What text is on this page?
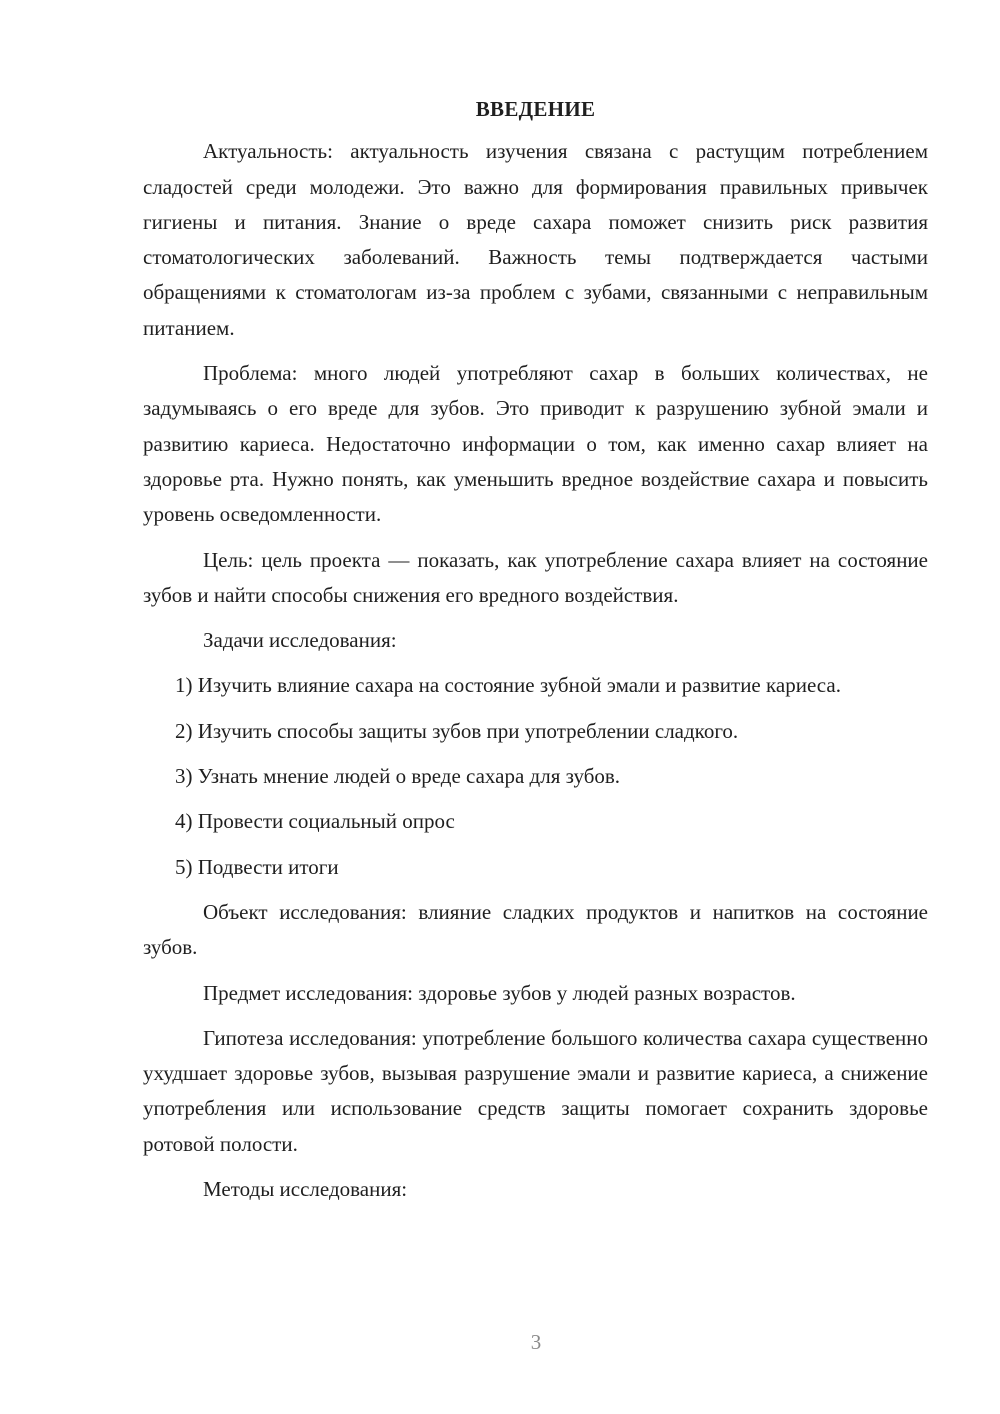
ВВЕДЕНИЕ

Актуальность: актуальность изучения связана с растущим потреблением сладостей среди молодежи. Это важно для формирования правильных привычек гигиены и питания. Знание о вреде сахара поможет снизить риск развития стоматологических заболеваний. Важность темы подтверждается частыми обращениями к стоматологам из-за проблем с зубами, связанными с неправильным питанием.

Проблема: много людей употребляют сахар в больших количествах, не задумываясь о его вреде для зубов. Это приводит к разрушению зубной эмали и развитию кариеса. Недостаточно информации о том, как именно сахар влияет на здоровье рта. Нужно понять, как уменьшить вредное воздействие сахара и повысить уровень осведомленности.

Цель: цель проекта — показать, как употребление сахара влияет на состояние зубов и найти способы снижения его вредного воздействия.

Задачи исследования:

1) Изучить влияние сахара на состояние зубной эмали и развитие кариеса.

2) Изучить способы защиты зубов при употреблении сладкого.

3) Узнать мнение людей о вреде сахара для зубов.

4) Провести социальный опрос

5) Подвести итоги

Объект исследования: влияние сладких продуктов и напитков на состояние зубов.

Предмет исследования: здоровье зубов у людей разных возрастов.

Гипотеза исследования: употребление большого количества сахара существенно ухудшает здоровье зубов, вызывая разрушение эмали и развитие кариеса, а снижение употребления или использование средств защиты помогает сохранить здоровье ротовой полости.

Методы исследования:

3
